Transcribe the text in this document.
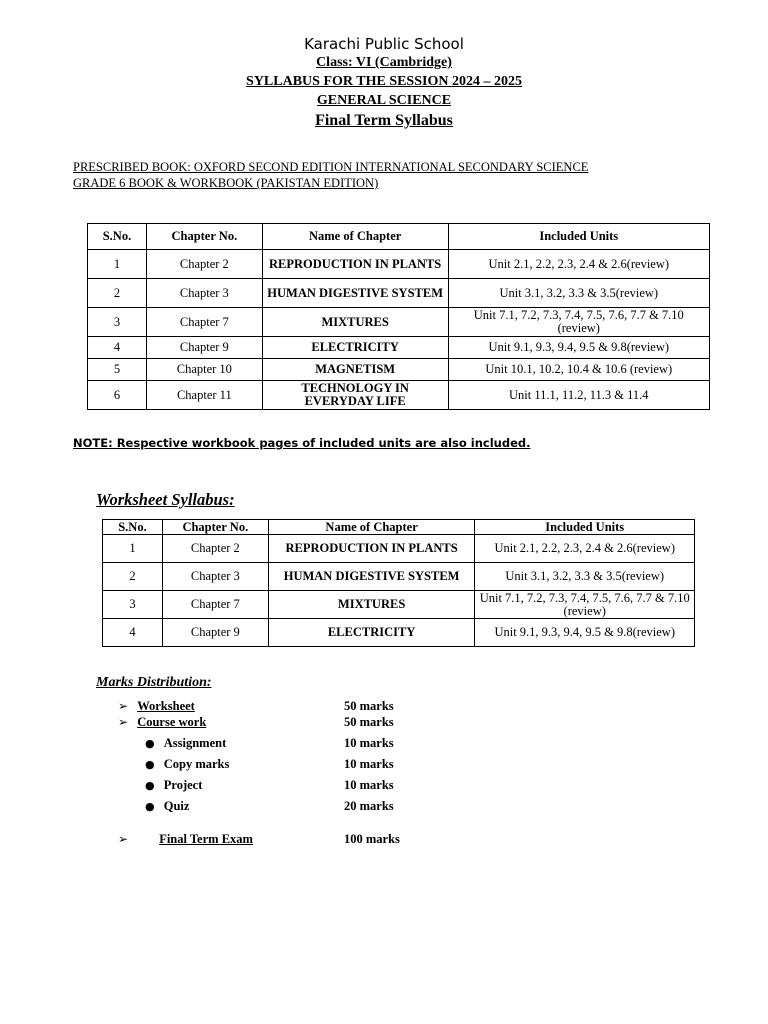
Karachi Public School
Class: VI (Cambridge)
SYLLABUS FOR THE SESSION 2024 – 2025
GENERAL SCIENCE
Final Term Syllabus
PRESCRIBED BOOK: OXFORD SECOND EDITION INTERNATIONAL SECONDARY SCIENCE
GRADE 6 BOOK & WORKBOOK (PAKISTAN EDITION)
S.No.	Chapter No.	Name of Chapter	Included Units
1	Chapter 2	REPRODUCTION IN PLANTS	Unit 2.1, 2.2, 2.3, 2.4 & 2.6(review)
2	Chapter 3	HUMAN DIGESTIVE SYSTEM	Unit 3.1, 3.2, 3.3 & 3.5(review)
3	Chapter 7	MIXTURES	Unit 7.1, 7.2, 7.3, 7.4, 7.5, 7.6, 7.7 & 7.10 (review)
4	Chapter 9	ELECTRICITY	Unit 9.1, 9.3, 9.4, 9.5 & 9.8(review)
5	Chapter 10	MAGNETISM	Unit 10.1, 10.2, 10.4 & 10.6 (review)
6	Chapter 11	TECHNOLOGY IN EVERYDAY LIFE	Unit 11.1, 11.2, 11.3 & 11.4
NOTE: Respective workbook pages of included units are also included.
Worksheet Syllabus:
S.No.	Chapter No.	Name of Chapter	Included Units
1	Chapter 2	REPRODUCTION IN PLANTS	Unit 2.1, 2.2, 2.3, 2.4 & 2.6(review)
2	Chapter 3	HUMAN DIGESTIVE SYSTEM	Unit 3.1, 3.2, 3.3 & 3.5(review)
3	Chapter 7	MIXTURES	Unit 7.1, 7.2, 7.3, 7.4, 7.5, 7.6, 7.7 & 7.10 (review)
4	Chapter 9	ELECTRICITY	Unit 9.1, 9.3, 9.4, 9.5 & 9.8(review)
Marks Distribution:
➢ Worksheet	50 marks
➢ Course work	50 marks
● Assignment	10 marks
● Copy marks	10 marks
● Project	10 marks
● Quiz	20 marks
➢ Final Term Exam	100 marks
